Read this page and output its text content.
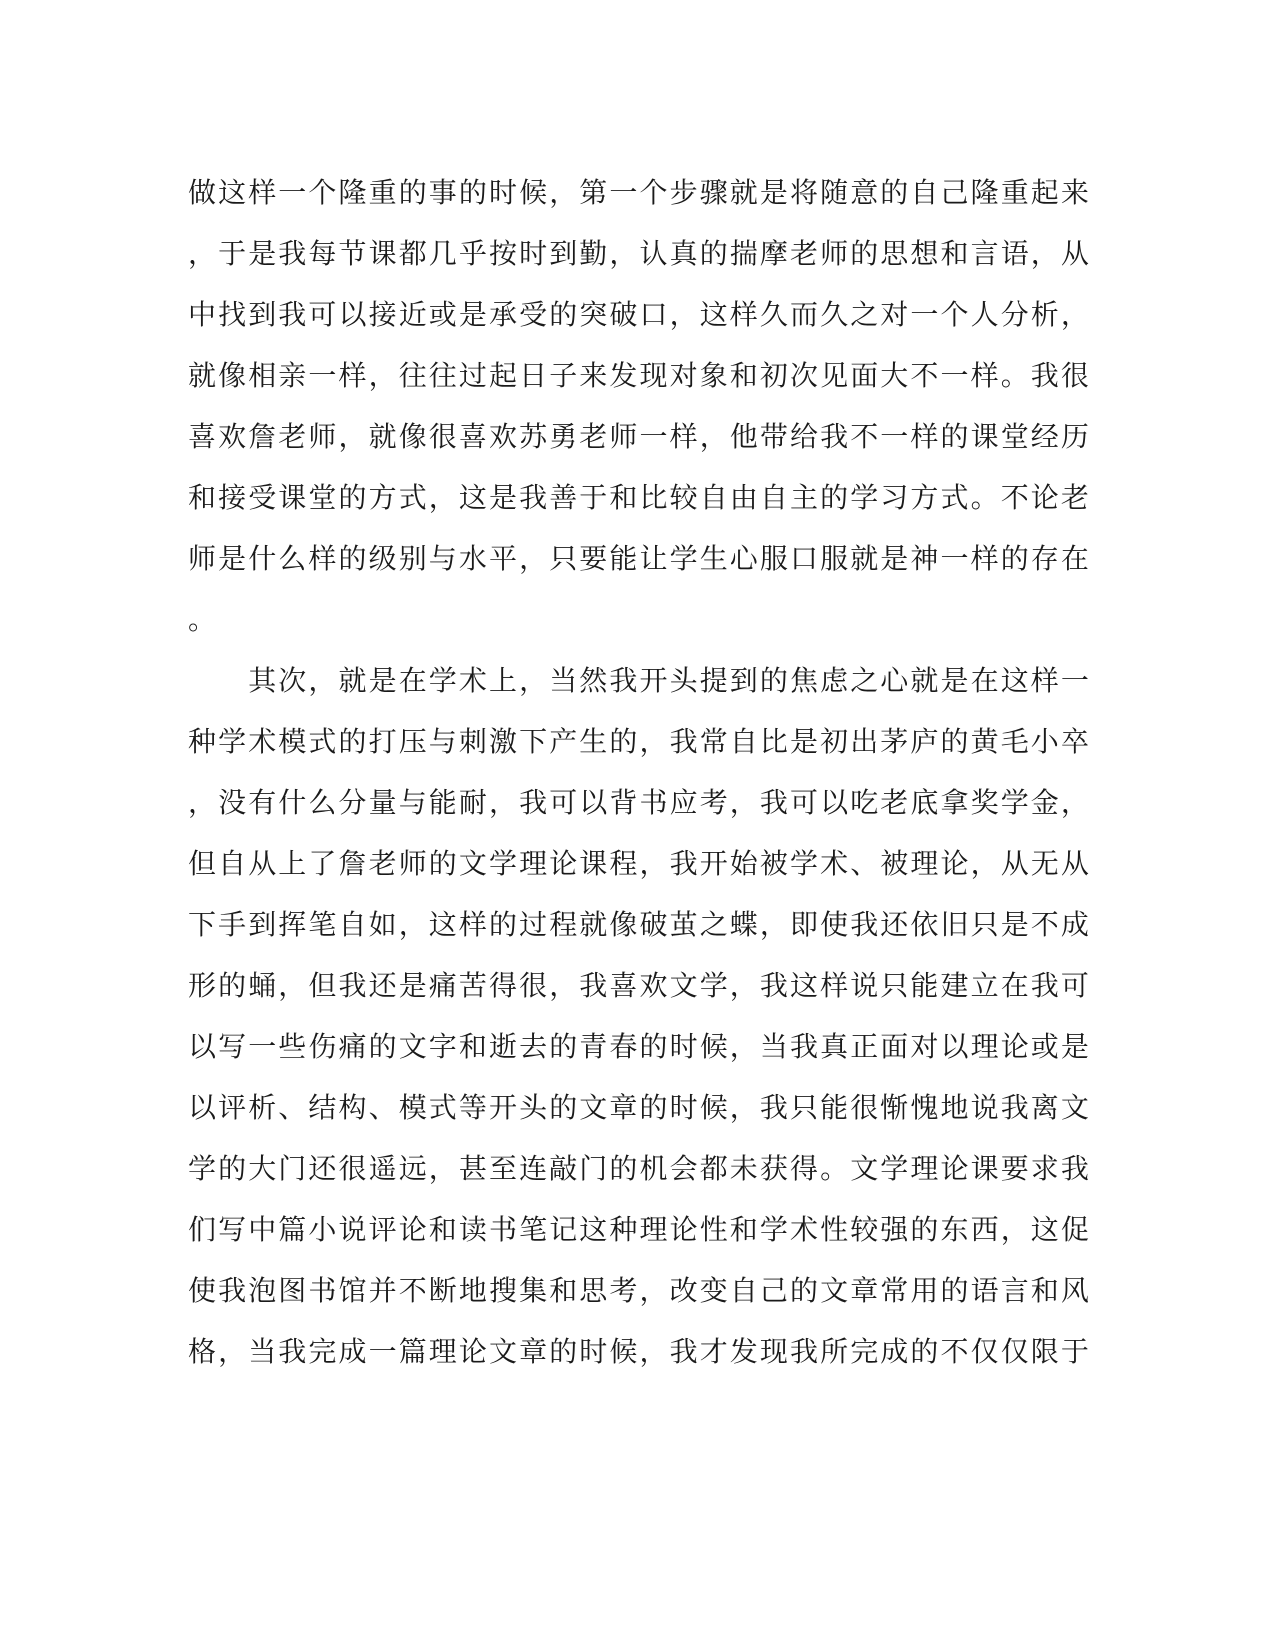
做这样一个隆重的事的时候，第一个步骤就是将随意的自己隆重起来
，于是我每节课都几乎按时到勤，认真的揣摩老师的思想和言语，从
中找到我可以接近或是承受的突破口，这样久而久之对一个人分析，
就像相亲一样，往往过起日子来发现对象和初次见面大不一样。我很
喜欢詹老师，就像很喜欢苏勇老师一样，他带给我不一样的课堂经历
和接受课堂的方式，这是我善于和比较自由自主的学习方式。不论老
师是什么样的级别与水平，只要能让学生心服口服就是神一样的存在
。
　　其次，就是在学术上，当然我开头提到的焦虑之心就是在这样一
种学术模式的打压与刺激下产生的，我常自比是初出茅庐的黄毛小卒
，没有什么分量与能耐，我可以背书应考，我可以吃老底拿奖学金，
但自从上了詹老师的文学理论课程，我开始被学术、被理论，从无从
下手到挥笔自如，这样的过程就像破茧之蝶，即使我还依旧只是不成
形的蛹，但我还是痛苦得很，我喜欢文学，我这样说只能建立在我可
以写一些伤痛的文字和逝去的青春的时候，当我真正面对以理论或是
以评析、结构、模式等开头的文章的时候，我只能很惭愧地说我离文
学的大门还很遥远，甚至连敲门的机会都未获得。文学理论课要求我
们写中篇小说评论和读书笔记这种理论性和学术性较强的东西，这促
使我泡图书馆并不断地搜集和思考，改变自己的文章常用的语言和风
格，当我完成一篇理论文章的时候，我才发现我所完成的不仅仅限于
